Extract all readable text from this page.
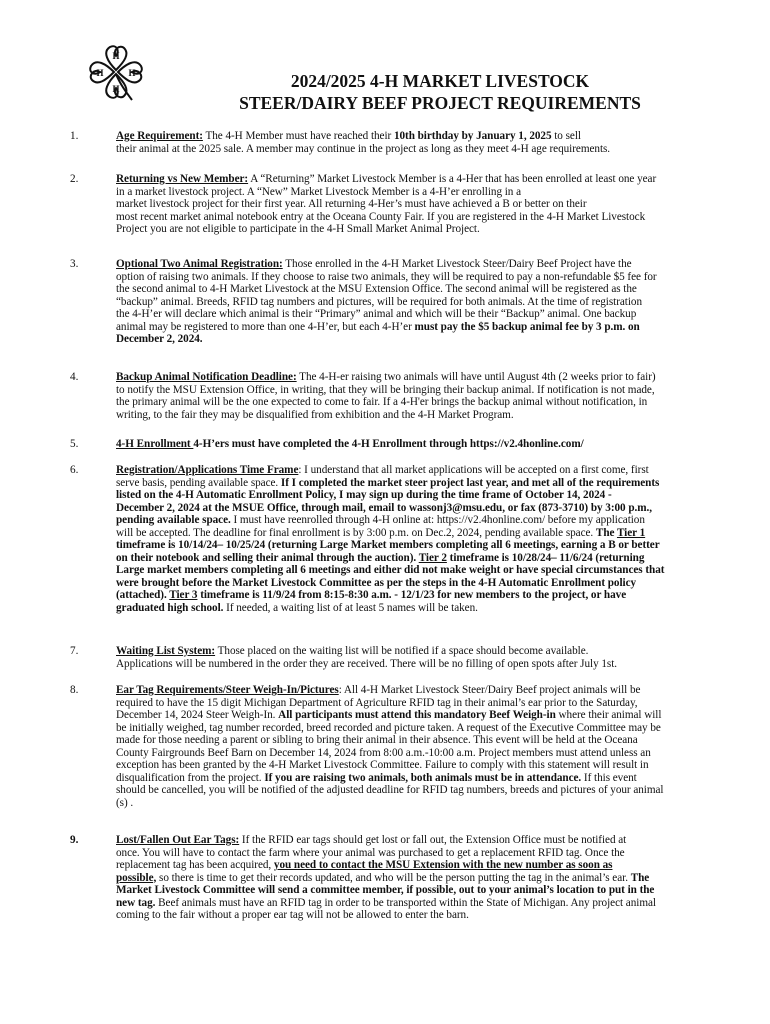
H
H
H	H	2024/2025 4-H MARKET LIVESTOCK
STEER/DAIRY BEEF PROJECT REQUIREMENTS
1.	Age Requirement: The 4-H Member must have reached their 10th birthday by January 1, 2025 to sell
their animal at the 2025 sale. A member may continue in the project as long as they meet 4-H age requirements.
2.	Returning vs New Member: A “Returning” Market Livestock Member is a 4-Her that has been enrolled at least one year
in a market livestock project. A “New” Market Livestock Member is a 4-H’er enrolling in a
market livestock project for their first year. All returning 4-Her’s must have achieved a B or better on their
most recent market animal notebook entry at the Oceana County Fair. If you are registered in the 4-H Market Livestock
Project you are not eligible to participate in the 4-H Small Market Animal Project.
3.	Optional Two Animal Registration: Those enrolled in the 4-H Market Livestock Steer/Dairy Beef Project have the
option of raising two animals. If they choose to raise two animals, they will be required to pay a non-refundable $5 fee for
the second animal to 4-H Market Livestock at the MSU Extension Office. The second animal will be registered as the
“backup” animal. Breeds, RFID tag numbers and pictures, will be required for both animals. At the time of registration
the 4-H’er will declare which animal is their “Primary” animal and which will be their “Backup” animal. One backup
animal may be registered to more than one 4-H’er, but each 4-H’er must pay the $5 backup animal fee by 3 p.m. on
December 2, 2024.
4.	Backup Animal Notification Deadline: The 4-H-er raising two animals will have until August 4th (2 weeks prior to fair)
to notify the MSU Extension Office, in writing, that they will be bringing their backup animal. If notification is not made,
the primary animal will be the one expected to come to fair. If a 4-H'er brings the backup animal without notification, in
writing, to the fair they may be disqualified from exhibition and the 4-H Market Program.
5.	4-H Enrollment 4-H’ers must have completed the 4-H Enrollment through https://v2.4honline.com/
6.	Registration/Applications Time Frame: I understand that all market applications will be accepted on a first come, first
serve basis, pending available space. If I completed the market steer project last year, and met all of the requirements
listed on the 4-H Automatic Enrollment Policy, I may sign up during the time frame of October 14, 2024 -
December 2, 2024 at the MSUE Office, through mail, email to wassonj3@msu.edu, or fax (873-3710) by 3:00 p.m.,
pending available space. I must have reenrolled through 4-H online at: https://v2.4honline.com/ before my application
will be accepted. The deadline for final enrollment is by 3:00 p.m. on Dec.2, 2024, pending available space. The Tier 1
timeframe is 10/14/24– 10/25/24 (returning Large Market members completing all 6 meetings, earning a B or better
on their notebook and selling their animal through the auction). Tier 2 timeframe is 10/28/24– 11/6/24 (returning
Large market members completing all 6 meetings and either did not make weight or have special circumstances that
were brought before the Market Livestock Committee as per the steps in the 4-H Automatic Enrollment policy
(attached). Tier 3 timeframe is 11/9/24 from 8:15-8:30 a.m. - 12/1/23 for new members to the project, or have
graduated high school. If needed, a waiting list of at least 5 names will be taken.
7.	Waiting List System: Those placed on the waiting list will be notified if a space should become available.
Applications will be numbered in the order they are received. There will be no filling of open spots after July 1st.
8.	Ear Tag Requirements/Steer Weigh-In/Pictures: All 4-H Market Livestock Steer/Dairy Beef project animals will be
required to have the 15 digit Michigan Department of Agriculture RFID tag in their animal’s ear prior to the Saturday,
December 14, 2024 Steer Weigh-In. All participants must attend this mandatory Beef Weigh-in where their animal will
be initially weighed, tag number recorded, breed recorded and picture taken. A request of the Executive Committee may be
made for those needing a parent or sibling to bring their animal in their absence. This event will be held at the Oceana
County Fairgrounds Beef Barn on December 14, 2024 from 8:00 a.m.-10:00 a.m. Project members must attend unless an
exception has been granted by the 4-H Market Livestock Committee. Failure to comply with this statement will result in
disqualification from the project. If you are raising two animals, both animals must be in attendance. If this event
should be cancelled, you will be notified of the adjusted deadline for RFID tag numbers, breeds and pictures of your animal
(s) .
9.	Lost/Fallen Out Ear Tags: If the RFID ear tags should get lost or fall out, the Extension Office must be notified at
once. You will have to contact the farm where your animal was purchased to get a replacement RFID tag. Once the
replacement tag has been acquired, you need to contact the MSU Extension with the new number as soon as
possible, so there is time to get their records updated, and who will be the person putting the tag in the animal’s ear. The
Market Livestock Committee will send a committee member, if possible, out to your animal’s location to put in the
new tag. Beef animals must have an RFID tag in order to be transported within the State of Michigan. Any project animal
coming to the fair without a proper ear tag will not be allowed to enter the barn.
